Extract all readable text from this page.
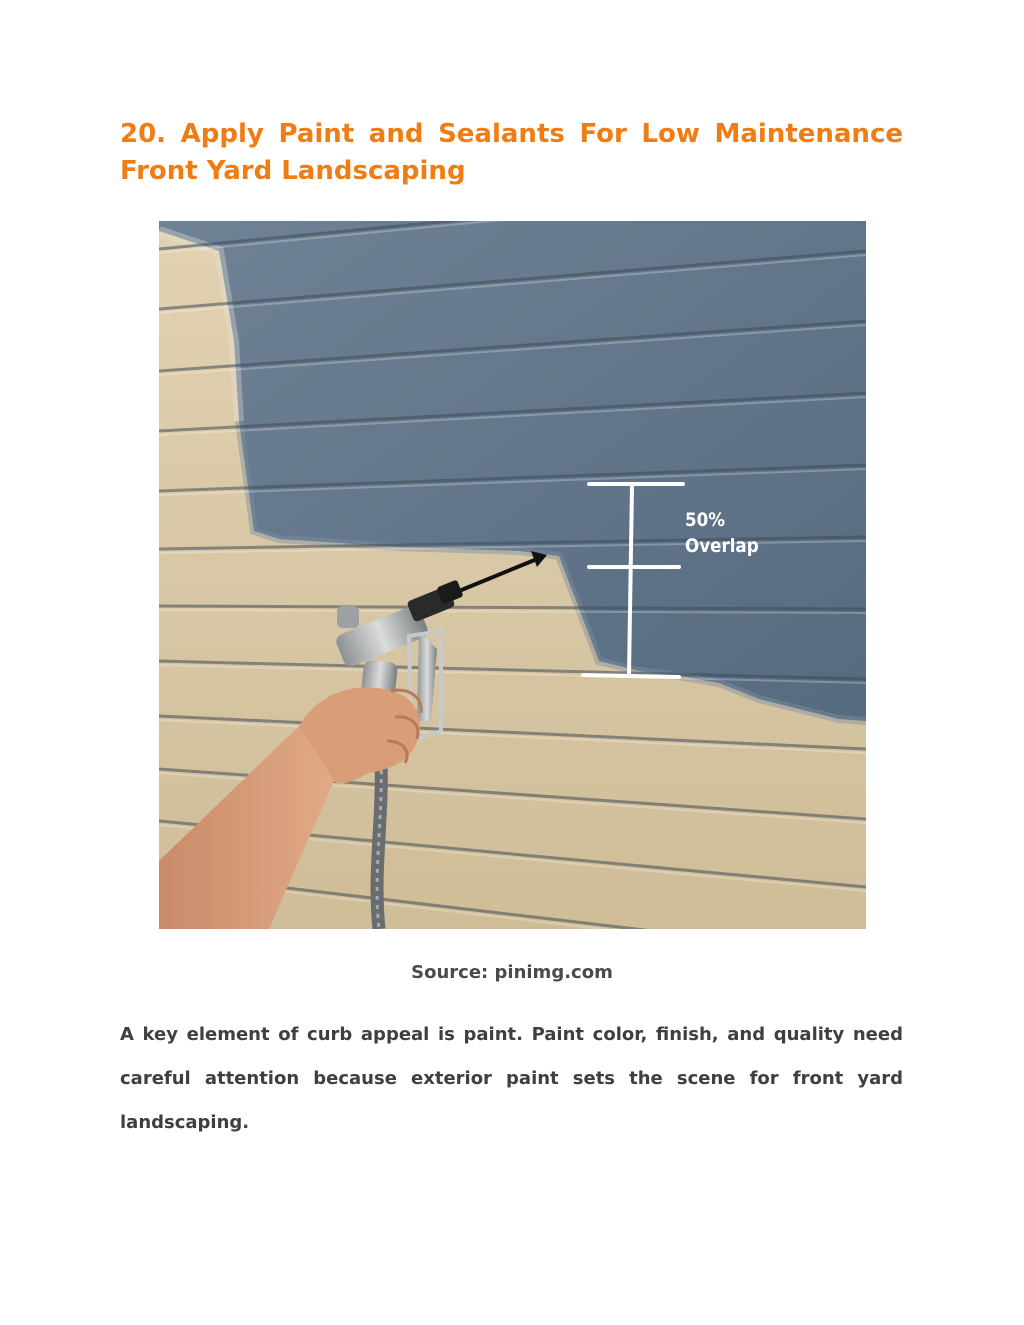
20. Apply Paint and Sealants For Low Maintenance Front Yard Landscaping
50%
Overlap

Source: pinimg.com

A key element of curb appeal is paint. Paint color, finish, and quality need careful attention because exterior paint sets the scene for front yard landscaping.
